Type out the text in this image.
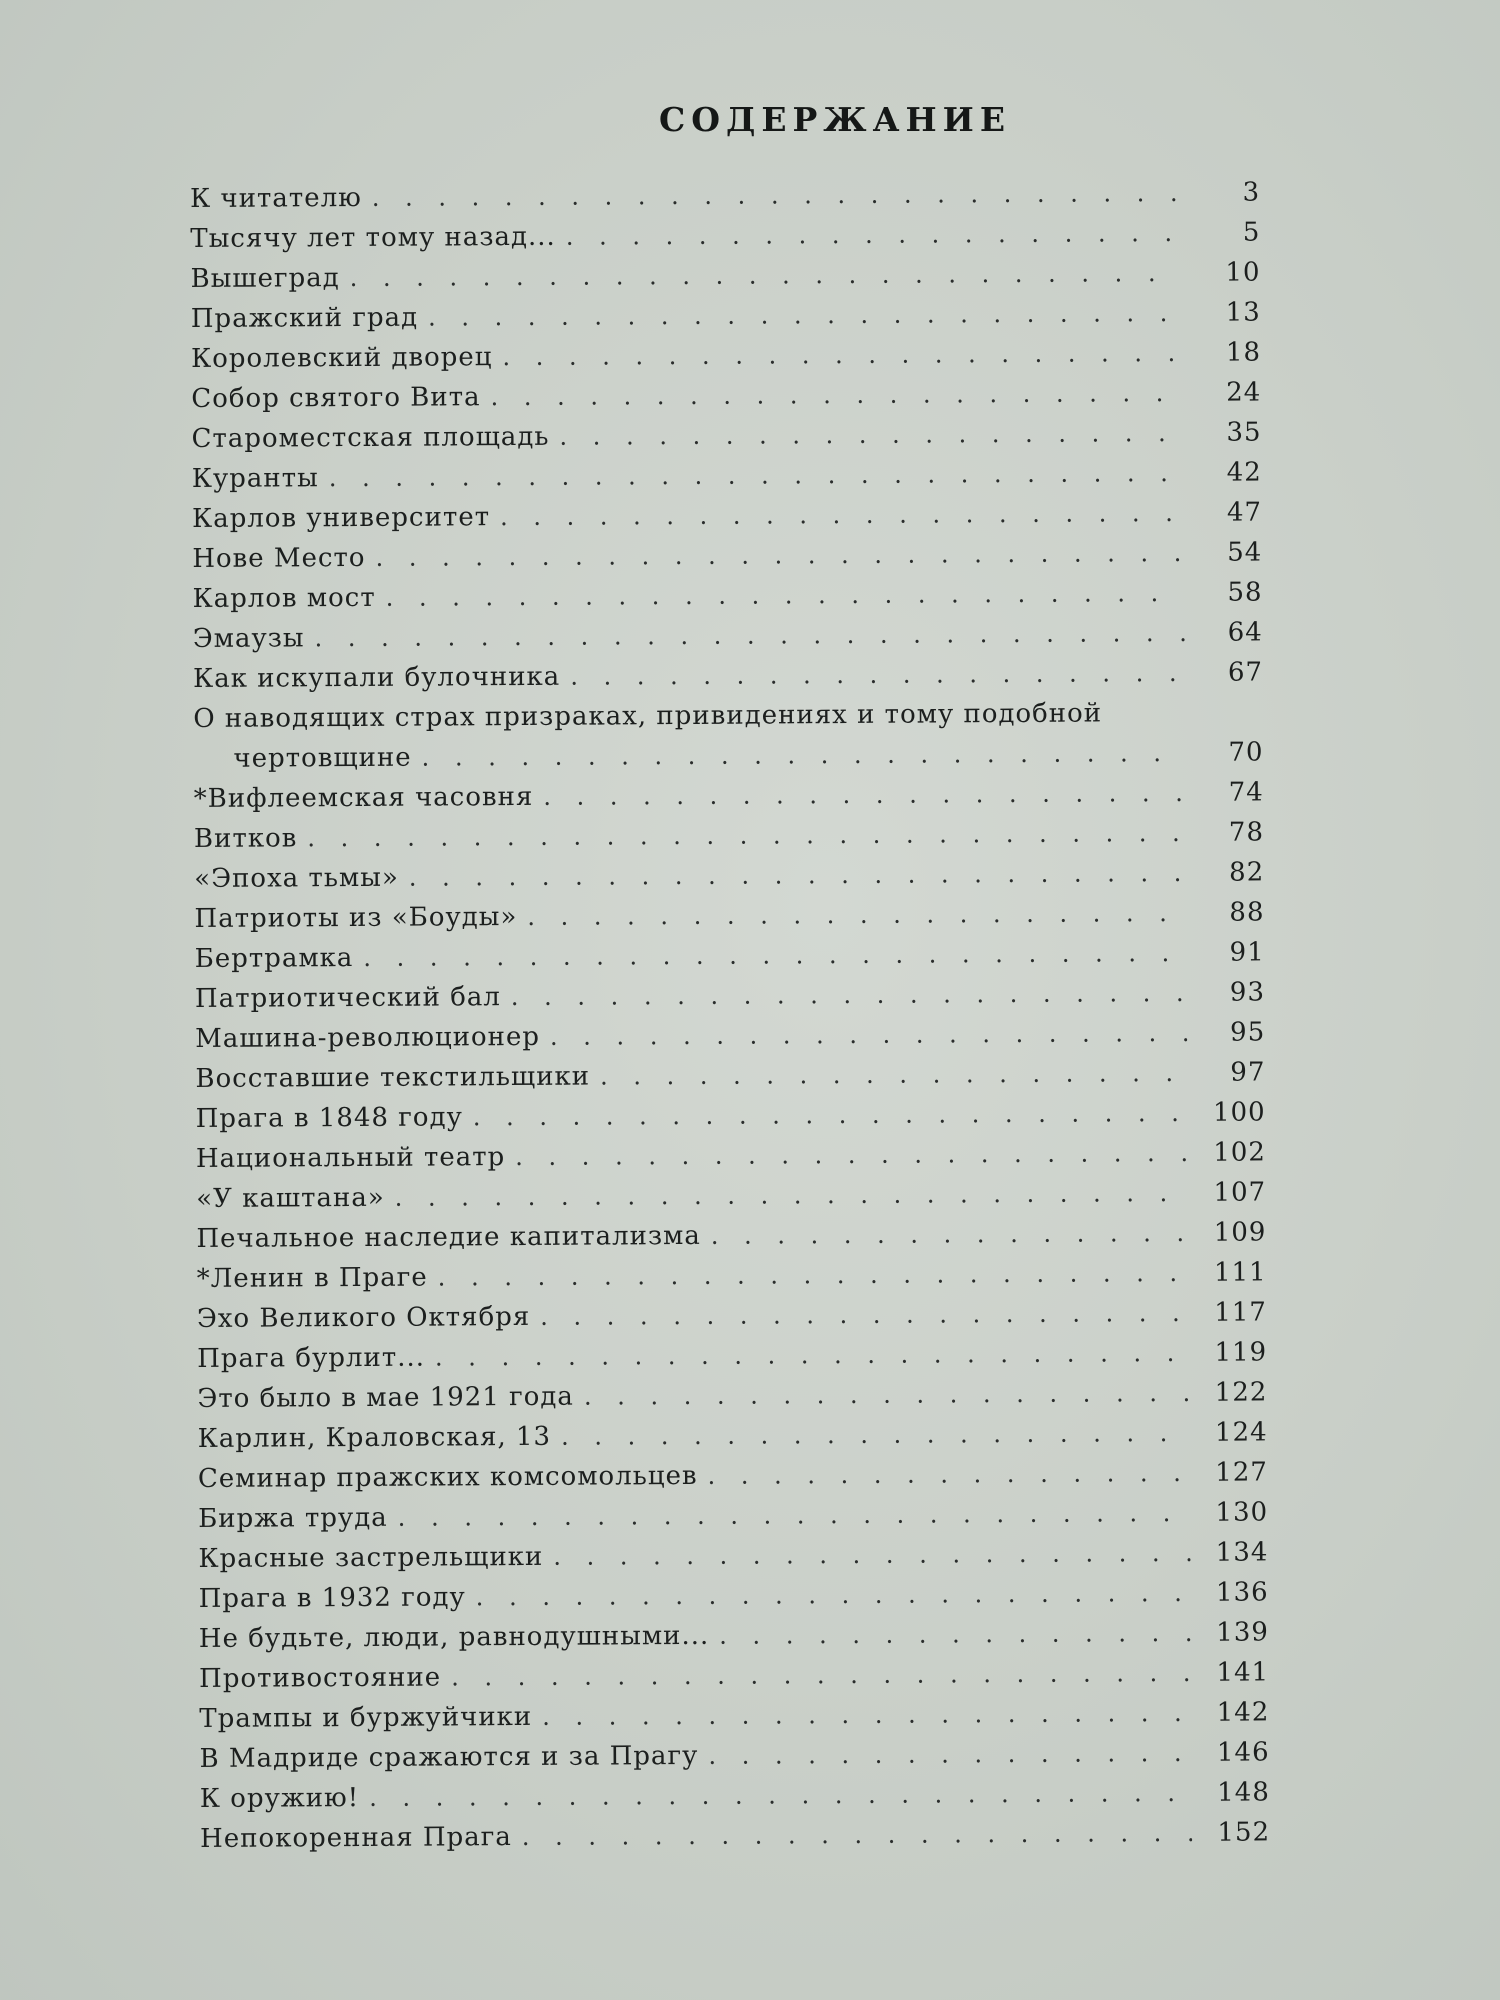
СОДЕРЖАНИЕ
К читателю . . .	3
Тысячу лет тому назад... . . .	5
Вышеград . . .	10
Пражский град . . .	13
Королевский дворец . . .	18
Собор святого Вита . . .	24
Староместская площадь . . .	35
Куранты . . .	42
Карлов университет . . .	47
Нове Место . . .	54
Карлов мост . . .	58
Эмаузы . . .	64
Как искупали булочника . . .	67
О наводящих страх призраках, привидениях и тому подобной
чертовщине . . .	70
*Вифлеемская часовня . . .	74
Витков . . .	78
«Эпоха тьмы» . . .	82
Патриоты из «Боуды» . . .	88
Бертрамка . . .	91
Патриотический бал . . .	93
Машина-революционер . . .	95
Восставшие текстильщики . . .	97
Прага в 1848 году . . .	100
Национальный театр . . .	102
«У каштана» . . .	107
Печальное наследие капитализма . . .	109
*Ленин в Праге . . .	111
Эхо Великого Октября . . .	117
Прага бурлит... . . .	119
Это было в мае 1921 года . . .	122
Карлин, Краловская, 13 . . .	124
Семинар пражских комсомольцев . . .	127
Биржа труда . . .	130
Красные застрельщики . . .	134
Прага в 1932 году . . .	136
Не будьте, люди, равнодушными... . . .	139
Противостояние . . .	141
Трампы и буржуйчики . . .	142
В Мадриде сражаются и за Прагу . . .	146
К оружию! . . .	148
Непокоренная Прага . . .	152
